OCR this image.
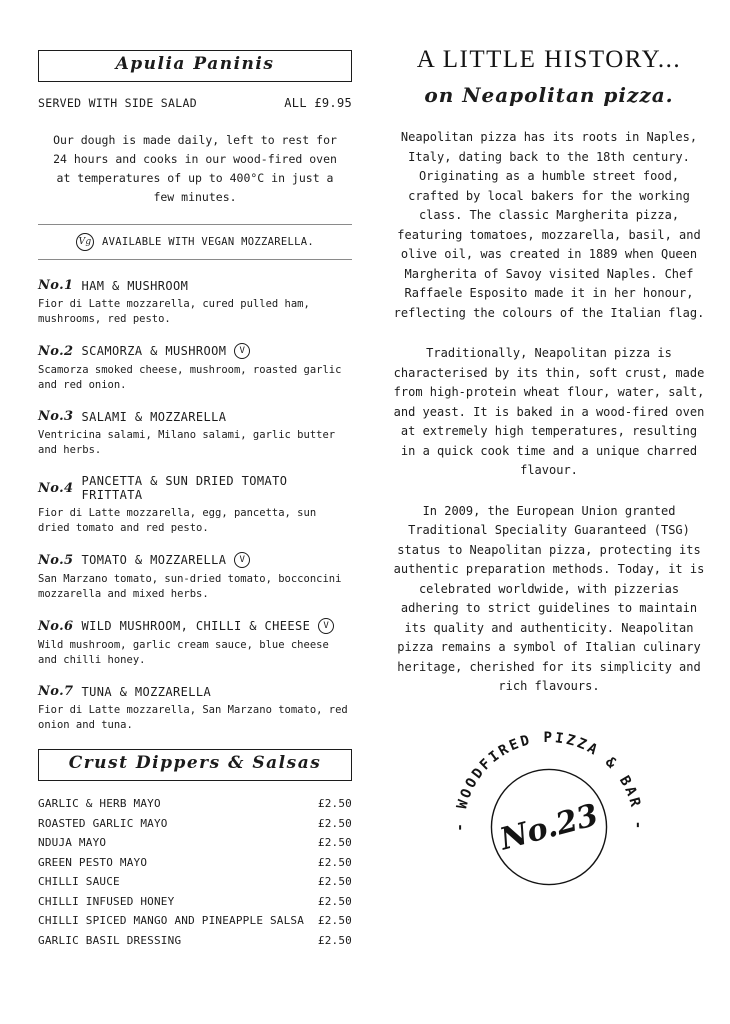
Apulia Paninis
SERVED WITH SIDE SALAD	ALL £9.95

Our dough is made daily, left to rest for 24 hours and cooks in our wood-fired oven at temperatures of up to 400°C in just a few minutes.

Vg AVAILABLE WITH VEGAN MOZZARELLA.
No.1 HAM & MUSHROOM
Fior di Latte mozzarella, cured pulled ham, mushrooms, red pesto.
No.2 SCAMORZA & MUSHROOM	V
Scamorza smoked cheese, mushroom, roasted garlic and red onion.
No.3 SALAMI & MOZZARELLA
Ventricina salami, Milano salami, garlic butter and herbs.
No.4 PANCETTA & SUN DRIED TOMATO FRITTATA
Fior di Latte mozzarella, egg, pancetta, sun dried tomato and red pesto.
No.5 TOMATO & MOZZARELLA	V
San Marzano tomato, sun-dried tomato, bocconcini mozzarella and mixed herbs.
No.6 WILD MUSHROOM, CHILLI & CHEESE	V
Wild mushroom, garlic cream sauce, blue cheese and chilli honey.
No.7 TUNA & MOZZARELLA
Fior di Latte mozzarella, San Marzano tomato, red onion and tuna.
Crust Dippers & Salsas
GARLIC & HERB MAYO	£2.50
ROASTED GARLIC MAYO	£2.50
NDUJA MAYO	£2.50
GREEN PESTO MAYO	£2.50
CHILLI SAUCE	£2.50
CHILLI INFUSED HONEY	£2.50
CHILLI SPICED MANGO AND PINEAPPLE SALSA £2.50
GARLIC BASIL DRESSING	£2.50
A LITTLE HISTORY...
on Neapolitan pizza.

Neapolitan pizza has its roots in Naples, Italy, dating back to the 18th century. Originating as a humble street food, crafted by local bakers for the working class. The classic Margherita pizza, featuring tomatoes, mozzarella, basil, and olive oil, was created in 1889 when Queen Margherita of Savoy visited Naples. Chef Raffaele Esposito made it in her honour, reflecting the colours of the Italian flag.

Traditionally, Neapolitan pizza is characterised by its thin, soft crust, made from high-protein wheat flour, water, salt, and yeast. It is baked in a wood-fired oven at extremely high temperatures, resulting in a quick cook time and a unique charred flavour.

In 2009, the European Union granted Traditional Speciality Guaranteed (TSG) status to Neapolitan pizza, protecting its authentic preparation methods. Today, it is celebrated worldwide, with pizzerias adhering to strict guidelines to maintain its quality and authenticity. Neapolitan pizza remains a symbol of Italian culinary heritage, cherished for its simplicity and rich flavours.

- WOODFIRED PIZZA & BAR -
No.23
